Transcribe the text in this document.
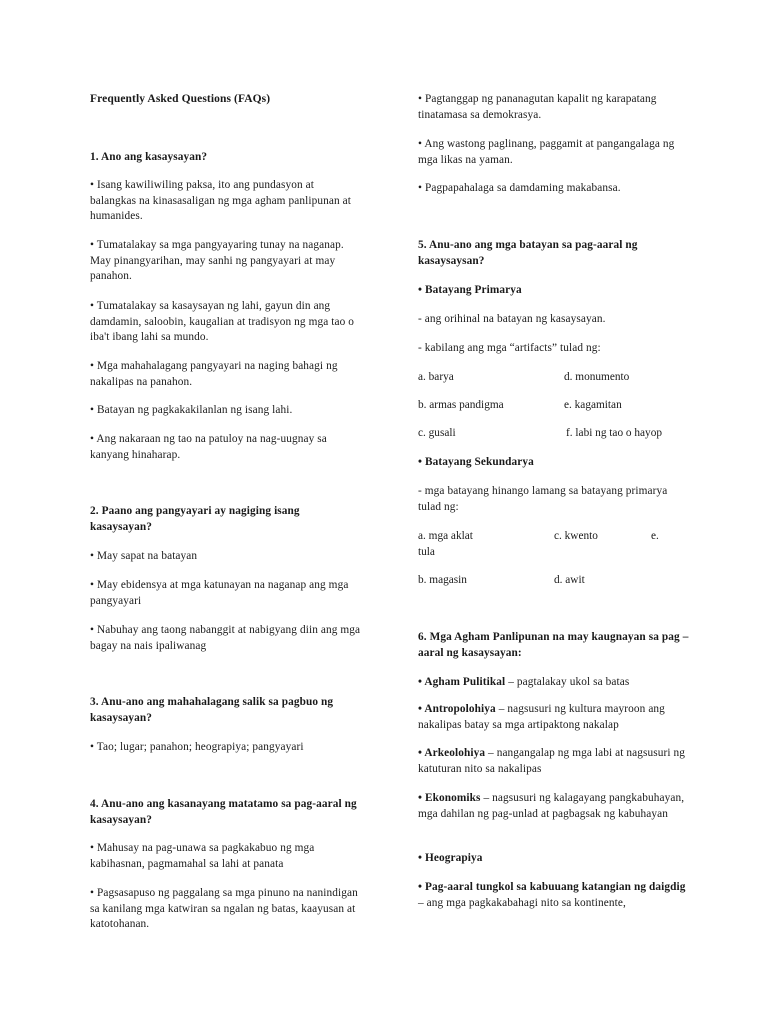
Frequently Asked Questions (FAQs)
1. Ano ang kasaysayan?
• Isang kawiliwiling paksa, ito ang pundasyon at balangkas na kinasasaligan ng mga agham panlipunan at humanides.
• Tumatalakay sa mga pangyayaring tunay na naganap. May pinangyarihan, may sanhi ng pangyayari at may panahon.
• Tumatalakay sa kasaysayan ng lahi, gayun din ang damdamin, saloobin, kaugalian at tradisyon ng mga tao o iba't ibang lahi sa mundo.
• Mga mahahalagang pangyayari na naging bahagi ng nakalipas na panahon.
• Batayan ng pagkakakilanlan ng isang lahi.
• Ang nakaraan ng tao na patuloy na nag-uugnay sa kanyang hinaharap.
2. Paano ang pangyayari ay nagiging isang kasaysayan?
• May sapat na batayan
• May ebidensya at mga katunayan na naganap ang mga pangyayari
• Nabuhay ang taong nabanggit at nabigyang diin ang mga bagay na nais ipaliwanag
3. Anu-ano ang mahahalagang salik sa pagbuo ng kasaysayan?
• Tao; lugar; panahon; heograpiya; pangyayari
4. Anu-ano ang kasanayang matatamo sa pag-aaral ng kasaysayan?
• Mahusay na pag-unawa sa pagkakabuo ng mga kabihasnan, pagmamahal sa lahi at panata
• Pagsasapuso ng paggalang sa mga pinuno na nanindigan sa kanilang mga katwiran sa ngalan ng batas, kaayusan at katotohanan.
• Pagtanggap ng pananagutan kapalit ng karapatang tinatamasa sa demokrasya.
• Ang wastong paglinang, paggamit at pangangalaga ng mga likas na yaman.
• Pagpapahalaga sa damdaming makabansa.
5. Anu-ano ang mga batayan sa pag-aaral ng kasaysaysan?
• Batayang Primarya
- ang orihinal na batayan ng kasaysayan.
- kabilang ang mga “artifacts” tulad ng:
a. barya	d. monumento
b. armas pandigma	e. kagamitan
c. gusali	f. labi ng tao o hayop
• Batayang Sekundarya
- mga batayang hinango lamang sa batayang primarya tulad ng:
a. mga aklat	c. kwento	e.
tula
b. magasin	d. awit
6. Mga Agham Panlipunan na may kaugnayan sa pag –aaral ng kasaysayan:
• Agham Pulitikal – pagtalakay ukol sa batas
• Antropolohiya – nagsusuri ng kultura mayroon ang nakalipas batay sa mga artipaktong nakalap
• Arkeolohiya – nangangalap ng mga labi at nagsusuri ng katuturan nito sa nakalipas
• Ekonomiks – nagsusuri ng kalagayang pangkabuhayan, mga dahilan ng pag-unlad at pagbagsak ng kabuhayan
• Heograpiya
• Pag-aaral tungkol sa kabuuang katangian ng daigdig – ang mga pagkakabahagi nito sa kontinente,
